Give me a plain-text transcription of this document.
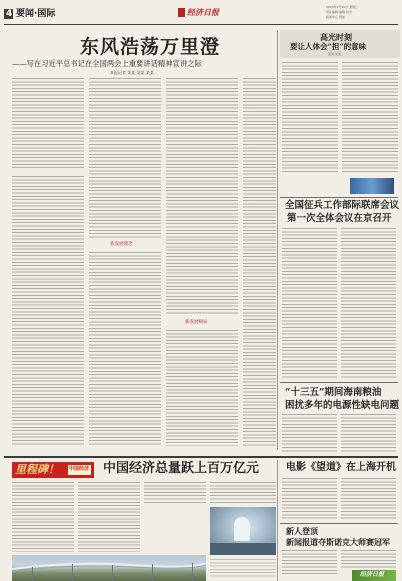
4 要闻·国际	经济日报	2023年1月10日 星期二
责任编辑 编辑 校对
新闻中心 网址
东风浩荡万里澄
——写在习近平总书记在全国两会上重要讲话精神宣讲之际
本报记者 某某 某某 某某
新发展理念
新发展格局
高光时刻
要让人体会“担”的意味
某某 某某
全国征兵工作部际联席会议
第一次全体会议在京召开
“十三五”期间海南粮油
困扰多年的电源性缺电问题
里程碑！ 中国经济 中国经济总量跃上百万亿元	电影《望道》在上海开机
新人登顶
新闻报道夺斯诺克大师赛冠军
经济日报
